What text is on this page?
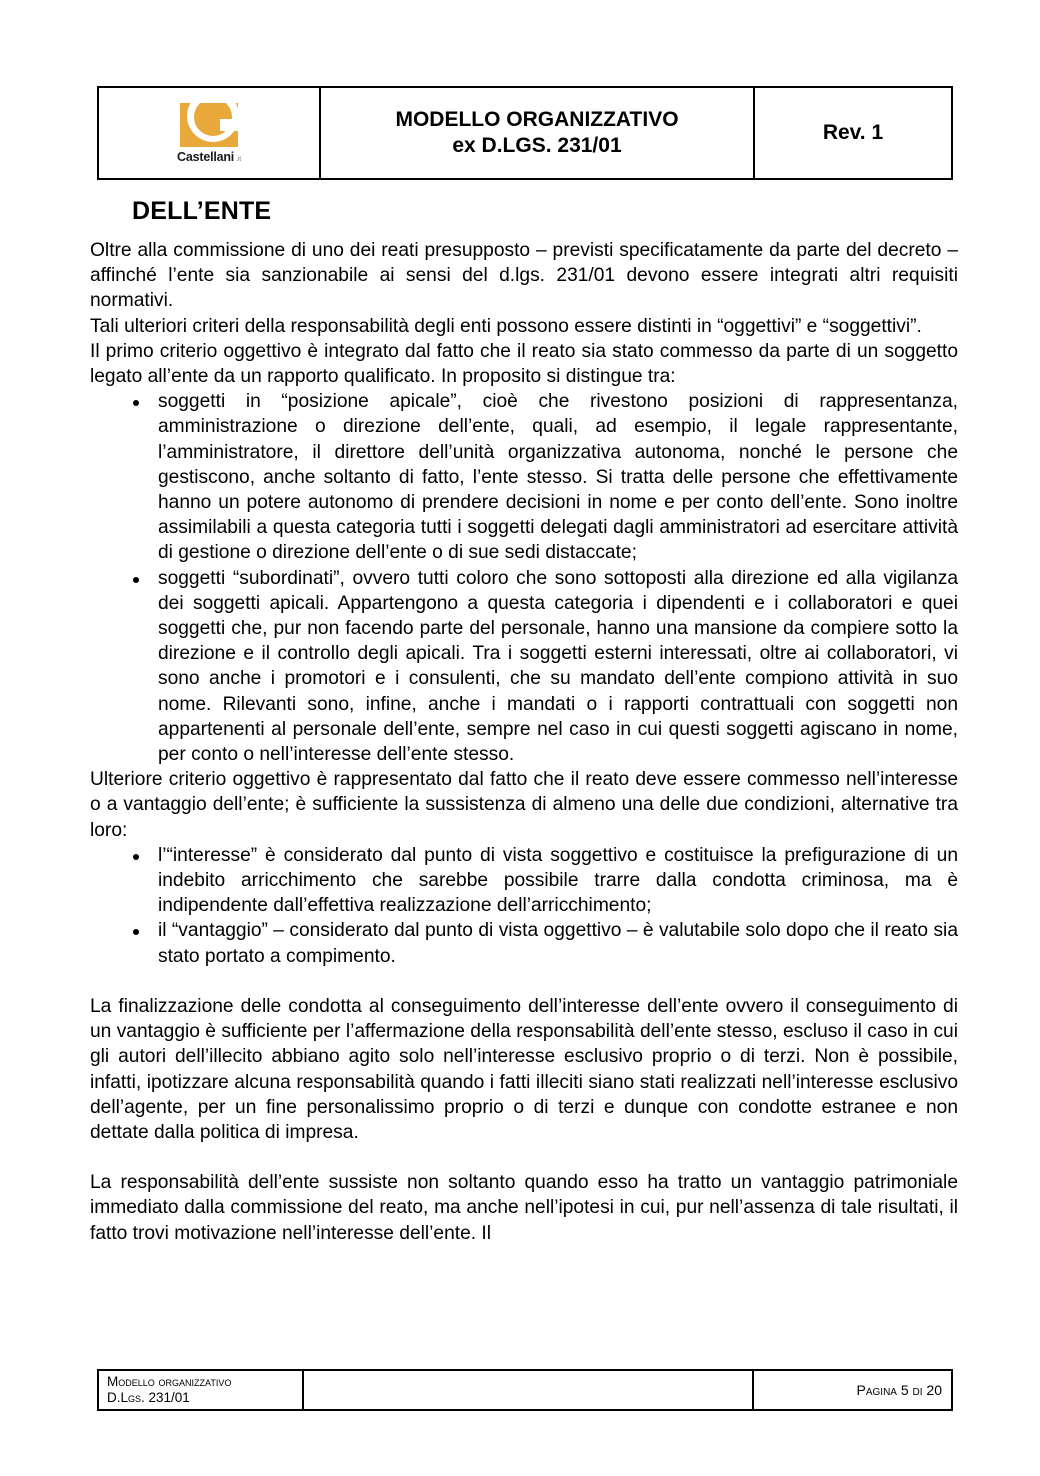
Castellani .it
MODELLO ORGANIZZATIVO
ex D.LGS. 231/01
Rev. 1
DELL’ENTE

Oltre alla commissione di uno dei reati presupposto – previsti specificatamente da parte del decreto – affinché l’ente sia sanzionabile ai sensi del d.lgs. 231/01 devono essere integrati altri requisiti normativi.

Tali ulteriori criteri della responsabilità degli enti possono essere distinti in “oggettivi” e “soggettivi”.

Il primo criterio oggettivo è integrato dal fatto che il reato sia stato commesso da parte di un soggetto legato all’ente da un rapporto qualificato. In proposito si distingue tra:

soggetti in “posizione apicale”, cioè che rivestono posizioni di rappresentanza, amministrazione o direzione dell’ente, quali, ad esempio, il legale rappresentante, l’amministratore, il direttore dell’unità organizzativa autonoma, nonché le persone che gestiscono, anche soltanto di fatto, l’ente stesso. Si tratta delle persone che effettivamente hanno un potere autonomo di prendere decisioni in nome e per conto dell’ente. Sono inoltre assimilabili a questa categoria tutti i soggetti delegati dagli amministratori ad esercitare attività di gestione o direzione dell’ente o di sue sedi distaccate;
soggetti “subordinati”, ovvero tutti coloro che sono sottoposti alla direzione ed alla vigilanza dei soggetti apicali. Appartengono a questa categoria i dipendenti e i collaboratori e quei soggetti che, pur non facendo parte del personale, hanno una mansione da compiere sotto la direzione e il controllo degli apicali. Tra i soggetti esterni interessati, oltre ai collaboratori, vi sono anche i promotori e i consulenti, che su mandato dell’ente compiono attività in suo nome. Rilevanti sono, infine, anche i mandati o i rapporti contrattuali con soggetti non appartenenti al personale dell’ente, sempre nel caso in cui questi soggetti agiscano in nome, per conto o nell’interesse dell’ente stesso.

Ulteriore criterio oggettivo è rappresentato dal fatto che il reato deve essere commesso nell’interesse o a vantaggio dell’ente; è sufficiente la sussistenza di almeno una delle due condizioni, alternative tra loro:

l’“interesse” è considerato dal punto di vista soggettivo e costituisce la prefigurazione di un indebito arricchimento che sarebbe possibile trarre dalla condotta criminosa, ma è indipendente dall’effettiva realizzazione dell’arricchimento;
il “vantaggio” – considerato dal punto di vista oggettivo – è valutabile solo dopo che il reato sia stato portato a compimento.

La finalizzazione delle condotta al conseguimento dell’interesse dell’ente ovvero il conseguimento di un vantaggio è sufficiente per l’affermazione della responsabilità dell’ente stesso, escluso il caso in cui gli autori dell’illecito abbiano agito solo nell’interesse esclusivo proprio o di terzi. Non è possibile, infatti, ipotizzare alcuna responsabilità quando i fatti illeciti siano stati realizzati nell’interesse esclusivo dell’agente, per un fine personalissimo proprio o di terzi e dunque con condotte estranee e non dettate dalla politica di impresa.

La responsabilità dell’ente sussiste non soltanto quando esso ha tratto un vantaggio patrimoniale immediato dalla commissione del reato, ma anche nell’ipotesi in cui, pur nell’assenza di tale risultati, il fatto trovi motivazione nell’interesse dell’ente. Il

Modello organizzativo
D.Lgs. 231/01	Pagina 5 di 20
